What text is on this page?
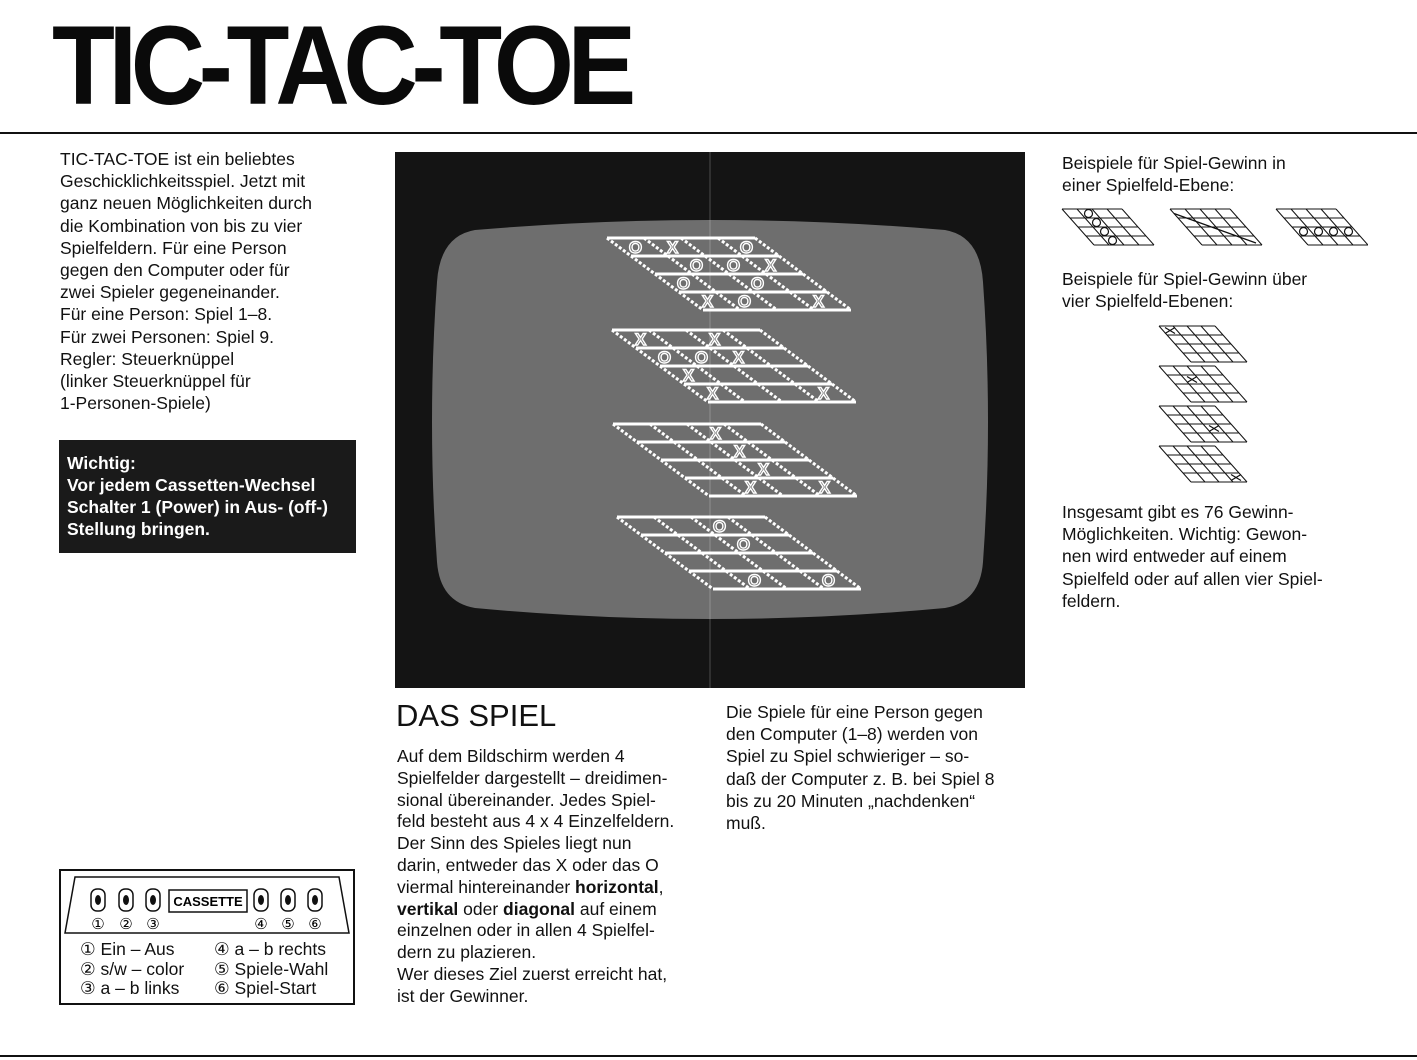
TIC-TAC-TOE

TIC-TAC-TOE ist ein beliebtes

Geschicklichkeitsspiel. Jetzt mit

ganz neuen Möglichkeiten durch

die Kombination von bis zu vier

Spielfeldern. Für eine Person

gegen den Computer oder für

zwei Spieler gegeneinander.

Für eine Person: Spiel 1–8.

Für zwei Personen: Spiel 9.

Regler: Steuerknüppel

(linker Steuerknüppel für

1-Personen-Spiele)

Wichtig:

Vor jedem Cassetten-Wechsel

Schalter 1 (Power) in Aus- (off-)

Stellung bringen.

O X	O
O O X
O	O
X O	X
X	X
O O X
X
X	X
X
X
X
X	X
O
O
O	O
DAS SPIEL

Auf dem Bildschirm werden 4

Spielfelder dargestellt – dreidimen-

sional übereinander. Jedes Spiel-

feld besteht aus 4 x 4 Einzelfeldern.

Der Sinn des Spieles liegt nun

darin, entweder das X oder das O

viermal hintereinander horizontal,

vertikal oder diagonal auf einem

einzelnen oder in allen 4 Spielfel-

dern zu plazieren.

Wer dieses Ziel zuerst erreicht hat,

ist der Gewinner.

Die Spiele für eine Person gegen

den Computer (1–8) werden von

Spiel zu Spiel schwieriger – so-

daß der Computer z. B. bei Spiel 8

bis zu 20 Minuten „nachdenken“

muß.

Beispiele für Spiel-Gewinn in

einer Spielfeld-Ebene:

Beispiele für Spiel-Gewinn über

vier Spielfeld-Ebenen:

Insgesamt gibt es 76 Gewinn-

Möglichkeiten. Wichtig: Gewon-

nen wird entweder auf einem

Spielfeld oder auf allen vier Spiel-

feldern.

CASSETTE
① ② ③	④ ⑤ ⑥
① Ein – Aus ④ a – b rechts
② s/w – color ⑤ Spiele-Wahl
③ a – b links ⑥ Spiel-Start
